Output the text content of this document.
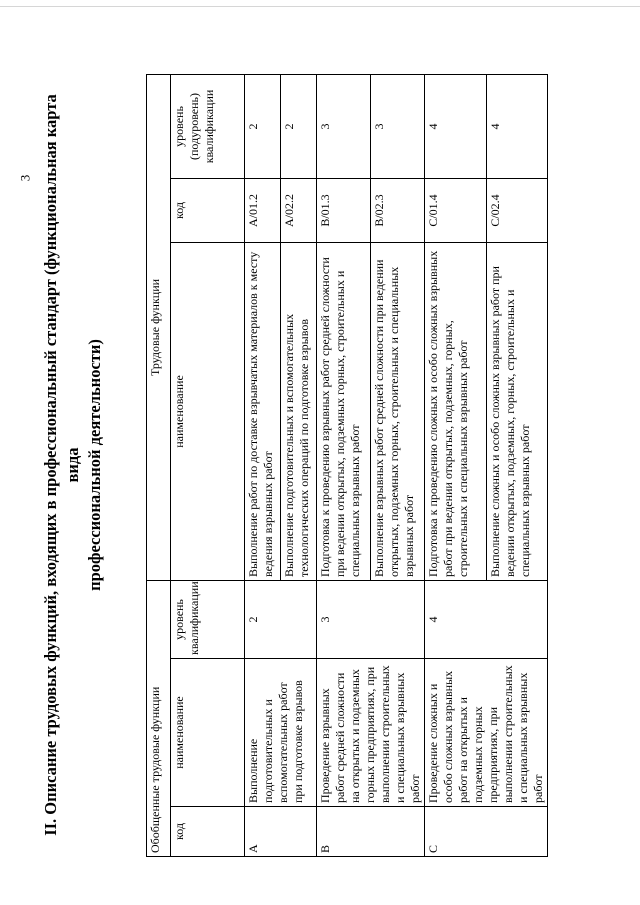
3 II. Описание трудовых функций, входящих в профессиональный стандарт (функциональная карта вида профессиональной деятельности)
Обобщенные трудовые функции			Трудовые функции		
код	наименование	уровень квалификации	наименование	код	уровень (подуровень) квалификации
A	Выполнение подготовительных и вспомогательных работ при подготовке взрывов	2	Выполнение работ по доставке взрывчатых материалов к месту ведения взрывных работ	A/01.2	2
			Выполнение подготовительных и вспомогательных технологических операций по подготовке взрывов	A/02.2	2
B	Проведение взрывных работ средней сложности на открытых и подземных горных предприятиях, при выполнении строительных и специальных взрывных работ	3	Подготовка к проведению взрывных работ средней сложности при ведении открытых, подземных горных, строительных и специальных взрывных работ	B/01.3	3
			Выполнение взрывных работ средней сложности при ведении открытых, подземных горных, строительных и специальных взрывных работ	B/02.3	3
C	Проведение сложных и особо сложных взрывных работ на открытых и подземных горных предприятиях, при выполнении строительных и специальных взрывных работ	4	Подготовка к проведению сложных и особо сложных взрывных работ при ведении открытых, подземных, горных, строительных и специальных взрывных работ	C/01.4	4
			Выполнение сложных и особо сложных взрывных работ при ведении открытых, подземных, горных, строительных и специальных взрывных работ	C/02.4	4
